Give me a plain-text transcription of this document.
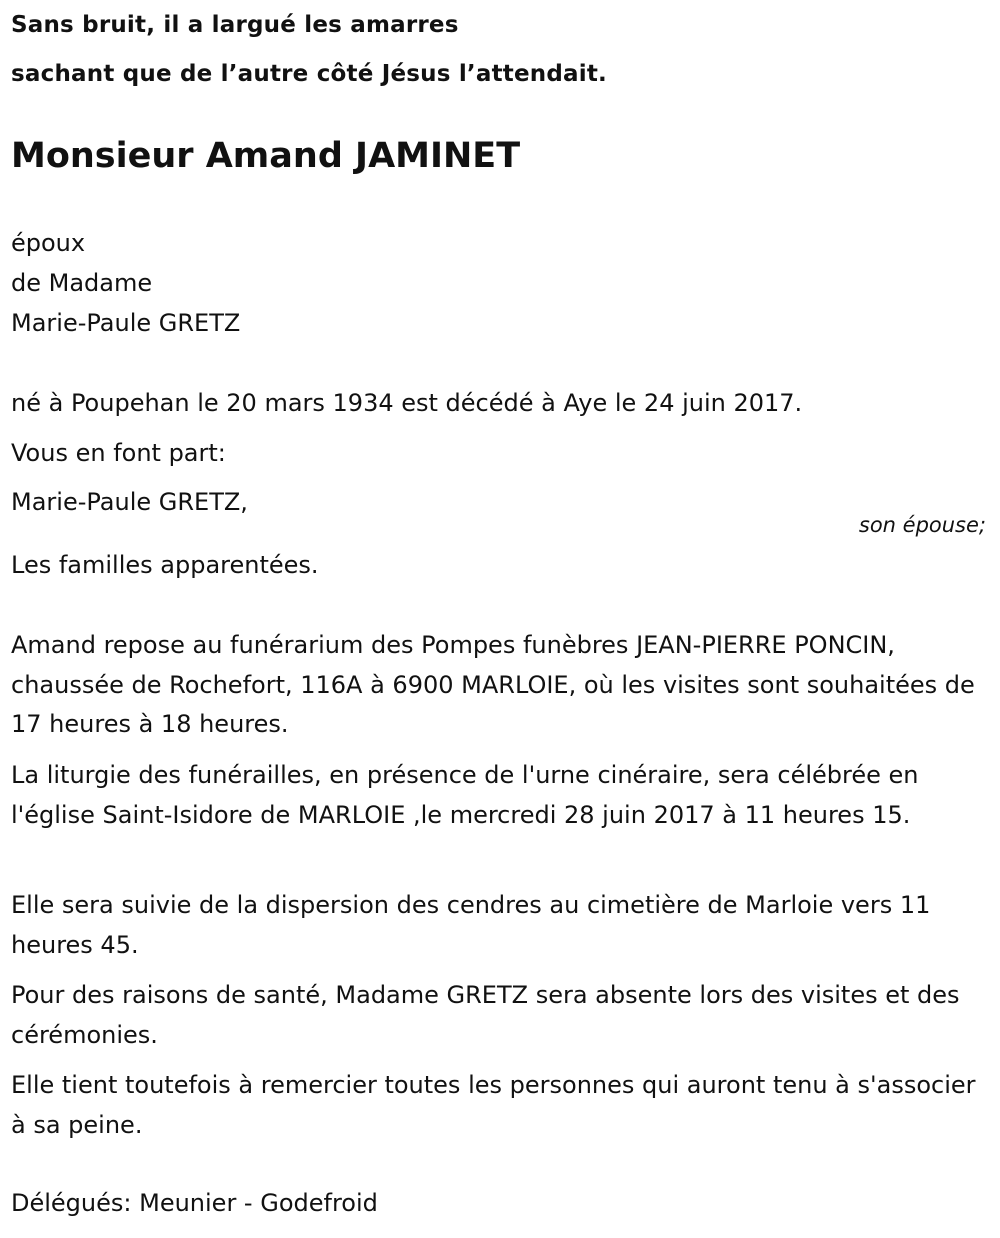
Sans bruit, il a largué les amarres
sachant que de l’autre côté Jésus l’attendait.
Monsieur Amand JAMINET
époux
de Madame
Marie-Paule GRETZ
né à Poupehan le 20 mars 1934 est décédé à Aye le 24 juin 2017.
Vous en font part:
Marie-Paule GRETZ,
son épouse;
Les familles apparentées.

Amand repose au funérarium des Pompes funèbres JEAN-PIERRE PONCIN, chaussée de Rochefort, 116A à 6900 MARLOIE, où les visites sont souhaitées de 17 heures à 18 heures.

La liturgie des funérailles, en présence de l'urne cinéraire, sera célébrée en l'église Saint-Isidore de MARLOIE ,le mercredi 28 juin 2017 à 11 heures 15.

Elle sera suivie de la dispersion des cendres au cimetière de Marloie vers 11 heures 45.

Pour des raisons de santé, Madame GRETZ sera absente lors des visites et des cérémonies.

Elle tient toutefois à remercier toutes les personnes qui auront tenu à s'associer à sa peine.

Délégués: Meunier - Godefroid
